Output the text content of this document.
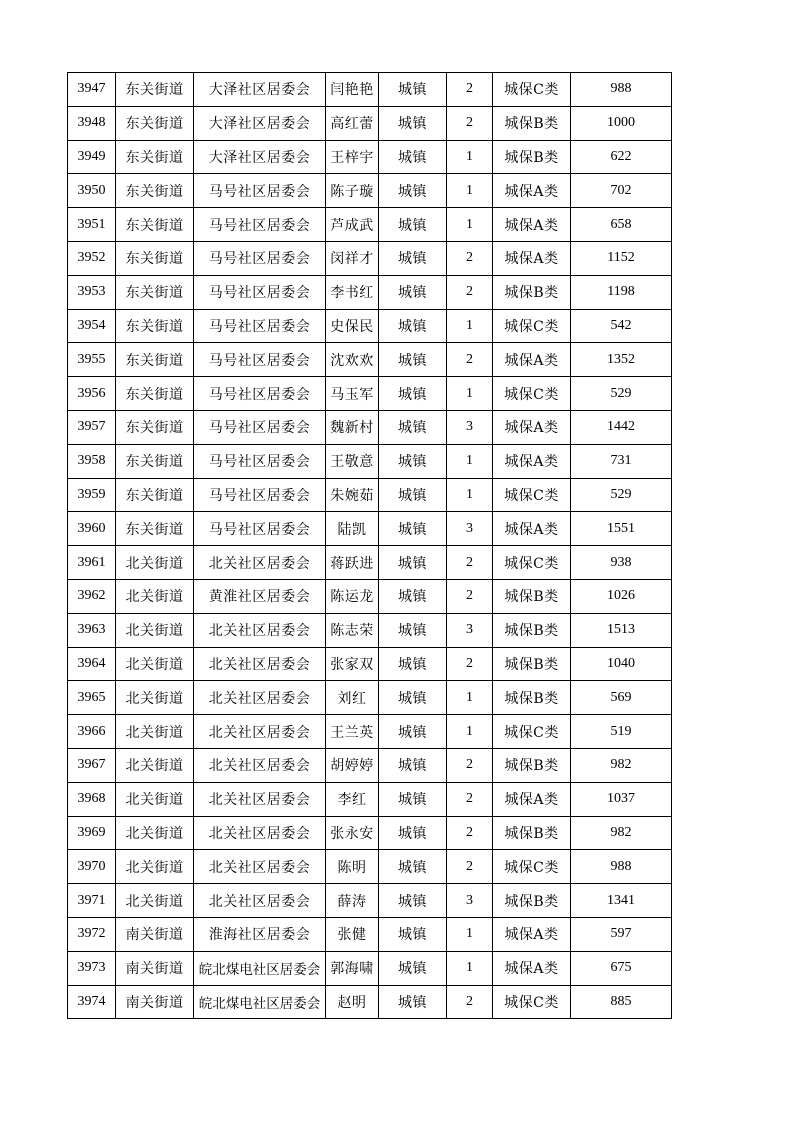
3947	东关街道	大泽社区居委会	闫艳艳	城镇	2	城保C类	988
3948	东关街道	大泽社区居委会	高红蕾	城镇	2	城保B类	1000
3949	东关街道	大泽社区居委会	王梓宇	城镇	1	城保B类	622
3950	东关街道	马号社区居委会	陈子璇	城镇	1	城保A类	702
3951	东关街道	马号社区居委会	芦成武	城镇	1	城保A类	658
3952	东关街道	马号社区居委会	闵祥才	城镇	2	城保A类	1152
3953	东关街道	马号社区居委会	李书红	城镇	2	城保B类	1198
3954	东关街道	马号社区居委会	史保民	城镇	1	城保C类	542
3955	东关街道	马号社区居委会	沈欢欢	城镇	2	城保A类	1352
3956	东关街道	马号社区居委会	马玉军	城镇	1	城保C类	529
3957	东关街道	马号社区居委会	魏新村	城镇	3	城保A类	1442
3958	东关街道	马号社区居委会	王敬意	城镇	1	城保A类	731
3959	东关街道	马号社区居委会	朱婉茹	城镇	1	城保C类	529
3960	东关街道	马号社区居委会	陆凯	城镇	3	城保A类	1551
3961	北关街道	北关社区居委会	蒋跃进	城镇	2	城保C类	938
3962	北关街道	黄淮社区居委会	陈运龙	城镇	2	城保B类	1026
3963	北关街道	北关社区居委会	陈志荣	城镇	3	城保B类	1513
3964	北关街道	北关社区居委会	张家双	城镇	2	城保B类	1040
3965	北关街道	北关社区居委会	刘红	城镇	1	城保B类	569
3966	北关街道	北关社区居委会	王兰英	城镇	1	城保C类	519
3967	北关街道	北关社区居委会	胡婷婷	城镇	2	城保B类	982
3968	北关街道	北关社区居委会	李红	城镇	2	城保A类	1037
3969	北关街道	北关社区居委会	张永安	城镇	2	城保B类	982
3970	北关街道	北关社区居委会	陈明	城镇	2	城保C类	988
3971	北关街道	北关社区居委会	薛涛	城镇	3	城保B类	1341
3972	南关街道	淮海社区居委会	张健	城镇	1	城保A类	597
3973	南关街道	皖北煤电社区居委会	郭海啸	城镇	1	城保A类	675
3974	南关街道	皖北煤电社区居委会	赵明	城镇	2	城保C类	885
